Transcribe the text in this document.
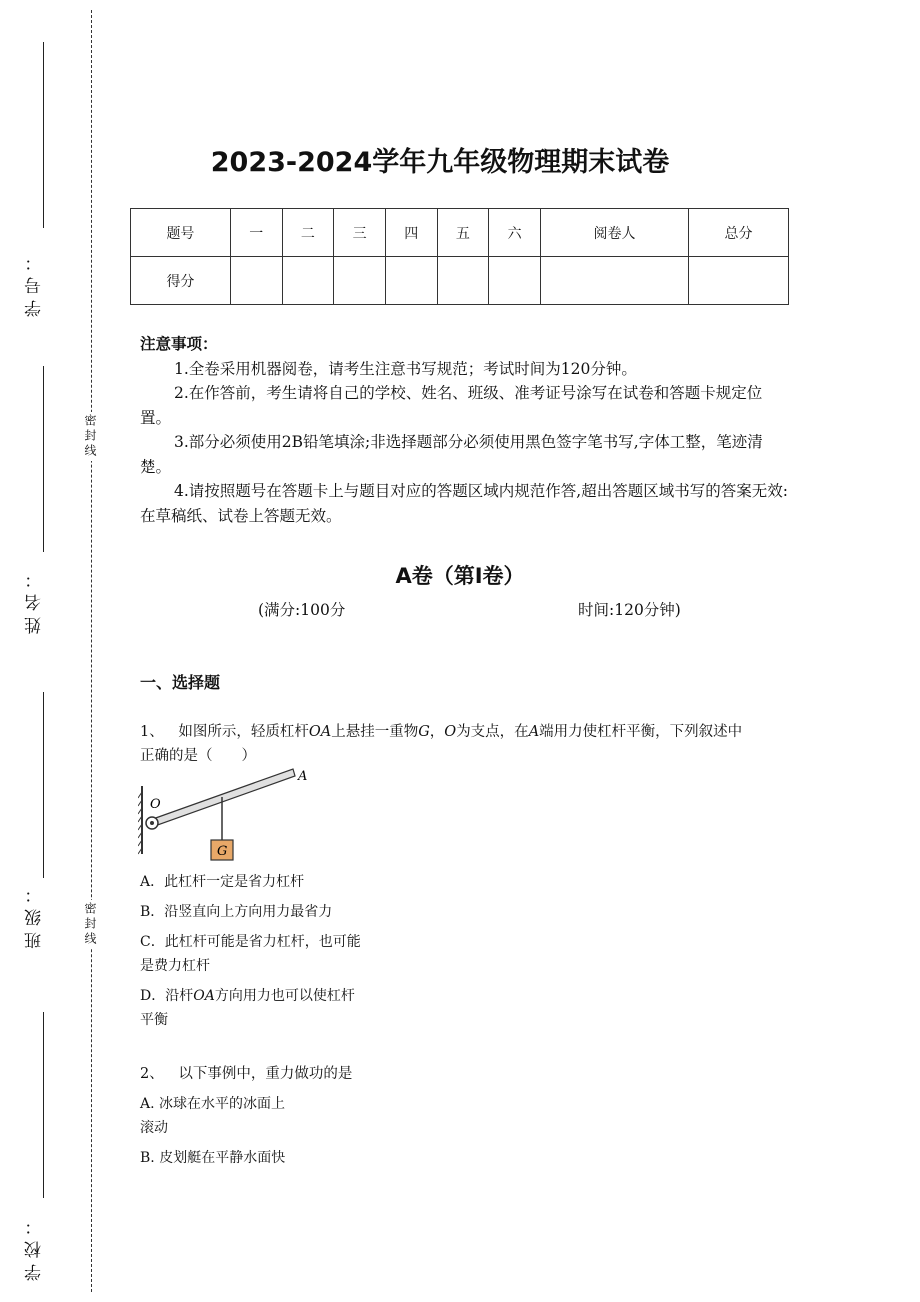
学号：
姓名：
班级：
学校：
密封线
密封线
2023-2024学年九年级物理期末试卷
题号	一	二	三	四	五	六	阅卷人	总分
得分								
注意事项：

1.全卷采用机器阅卷，请考生注意书写规范；考试时间为120分钟。

2.在作答前，考生请将自己的学校、姓名、班级、准考证号涂写在试卷和答题卡规定位置。

3.部分必须使用2B铅笔填涂;非选择题部分必须使用黑色签字笔书写,字体工整，笔迹清楚。

4.请按照题号在答题卡上与题目对应的答题区域内规范作答,超出答题区域书写的答案无效:在草稿纸、试卷上答题无效。

A卷（第I卷）
(满分:100分	时间:120分钟)
一、选择题
1、 如图所示，轻质杠杆OA上悬挂一重物G，O为支点，在A端用力使杠杆平衡，下列叙述中
正确的是（　　）
O
A
G
A．此杠杆一定是省力杠杆
B．沿竖直向上方向用力最省力
C．此杠杆可能是省力杠杆，也可能
是费力杠杆
D．沿杆OA方向用力也可以使杠杆
平衡
2、 以下事例中，重力做功的是
A. 冰球在水平的冰面上
滚动
B. 皮划艇在平静水面快
